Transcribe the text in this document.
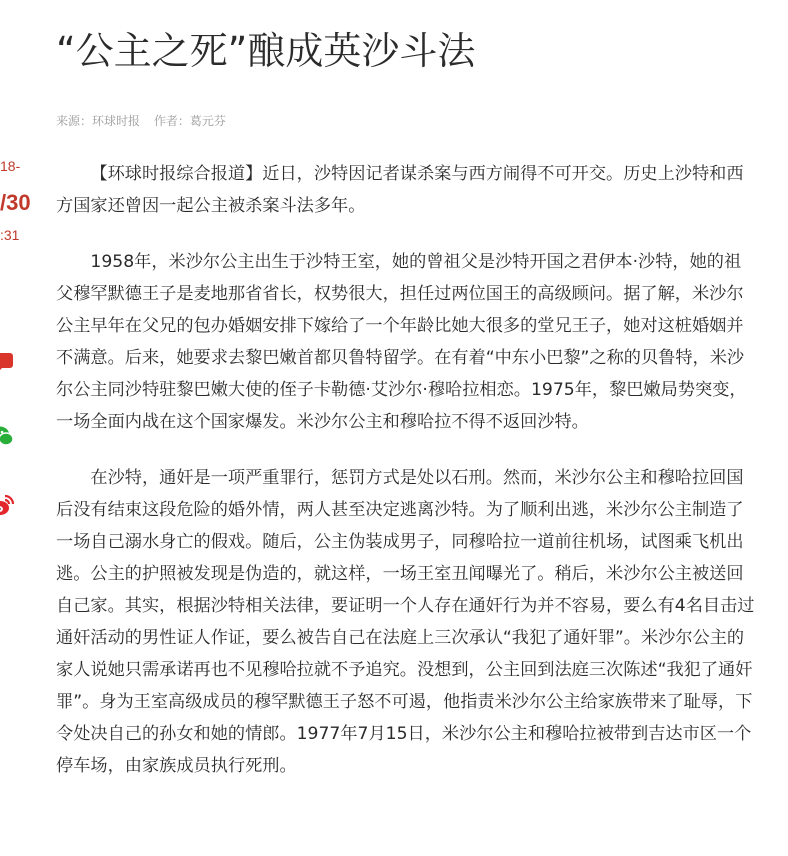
18-
/30
:31
“公主之死”酿成英沙斗法
来源：环球时报 作者：葛元芬

【环球时报综合报道】近日，沙特因记者谋杀案与西方闹得不可开交。历史上沙特和西方国家还曾因一起公主被杀案斗法多年。

1958年，米沙尔公主出生于沙特王室，她的曾祖父是沙特开国之君伊本·沙特，她的祖父穆罕默德王子是麦地那省省长，权势很大，担任过两位国王的高级顾问。据了解，米沙尔公主早年在父兄的包办婚姻安排下嫁给了一个年龄比她大很多的堂兄王子，她对这桩婚姻并不满意。后来，她要求去黎巴嫩首都贝鲁特留学。在有着“中东小巴黎”之称的贝鲁特，米沙尔公主同沙特驻黎巴嫩大使的侄子卡勒德·艾沙尔·穆哈拉相恋。1975年，黎巴嫩局势突变，一场全面内战在这个国家爆发。米沙尔公主和穆哈拉不得不返回沙特。

在沙特，通奸是一项严重罪行，惩罚方式是处以石刑。然而，米沙尔公主和穆哈拉回国后没有结束这段危险的婚外情，两人甚至决定逃离沙特。为了顺利出逃，米沙尔公主制造了一场自己溺水身亡的假戏。随后，公主伪装成男子，同穆哈拉一道前往机场，试图乘飞机出逃。公主的护照被发现是伪造的，就这样，一场王室丑闻曝光了。稍后，米沙尔公主被送回自己家。其实，根据沙特相关法律，要证明一个人存在通奸行为并不容易，要么有4名目击过通奸活动的男性证人作证，要么被告自己在法庭上三次承认“我犯了通奸罪”。米沙尔公主的家人说她只需承诺再也不见穆哈拉就不予追究。没想到，公主回到法庭三次陈述“我犯了通奸罪”。身为王室高级成员的穆罕默德王子怒不可遏，他指责米沙尔公主给家族带来了耻辱，下令处决自己的孙女和她的情郎。1977年7月15日，米沙尔公主和穆哈拉被带到吉达市区一个停车场，由家族成员执行死刑。
